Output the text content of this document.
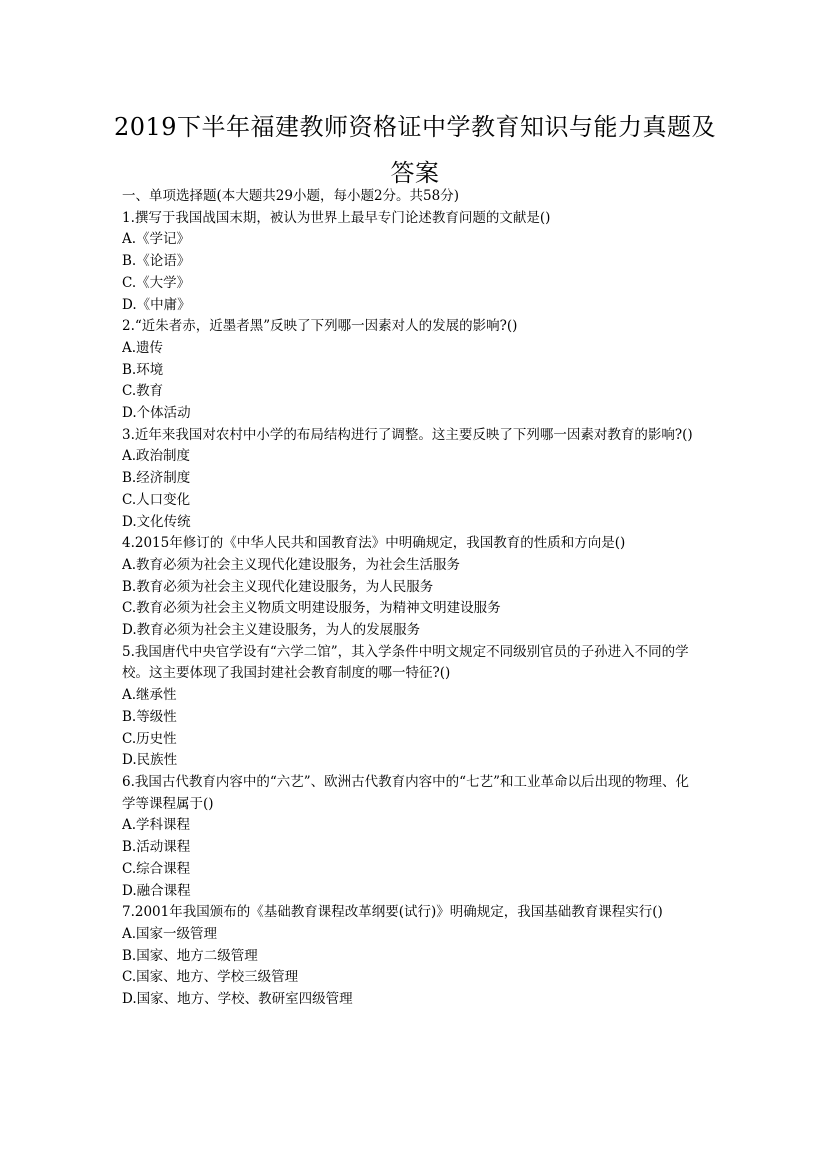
2019下半年福建教师资格证中学教育知识与能力真题及答案
一、单项选择题(本大题共29小题，每小题2分。共58分)
1.撰写于我国战国末期，被认为世界上最早专门论述教育问题的文献是()
A.《学记》
B.《论语》
C.《大学》
D.《中庸》
2.“近朱者赤，近墨者黑”反映了下列哪一因素对人的发展的影响?()
A.遗传
B.环境
C.教育
D.个体活动
3.近年来我国对农村中小学的布局结构进行了调整。这主要反映了下列哪一因素对教育的影响?()
A.政治制度
B.经济制度
C.人口变化
D.文化传统
4.2015年修订的《中华人民共和国教育法》中明确规定，我国教育的性质和方向是()
A.教育必须为社会主义现代化建设服务，为社会生活服务
B.教育必须为社会主义现代化建设服务，为人民服务
C.教育必须为社会主义物质文明建设服务，为精神文明建设服务
D.教育必须为社会主义建设服务，为人的发展服务
5.我国唐代中央官学设有“六学二馆”，其入学条件中明文规定不同级别官员的子孙进入不同的学校。这主要体现了我国封建社会教育制度的哪一特征?()
A.继承性
B.等级性
C.历史性
D.民族性
6.我国古代教育内容中的“六艺”、欧洲古代教育内容中的“七艺”和工业革命以后出现的物理、化学等课程属于()
A.学科课程
B.活动课程
C.综合课程
D.融合课程
7.2001年我国颁布的《基础教育课程改革纲要(试行)》明确规定，我国基础教育课程实行()
A.国家一级管理
B.国家、地方二级管理
C.国家、地方、学校三级管理
D.国家、地方、学校、教研室四级管理
